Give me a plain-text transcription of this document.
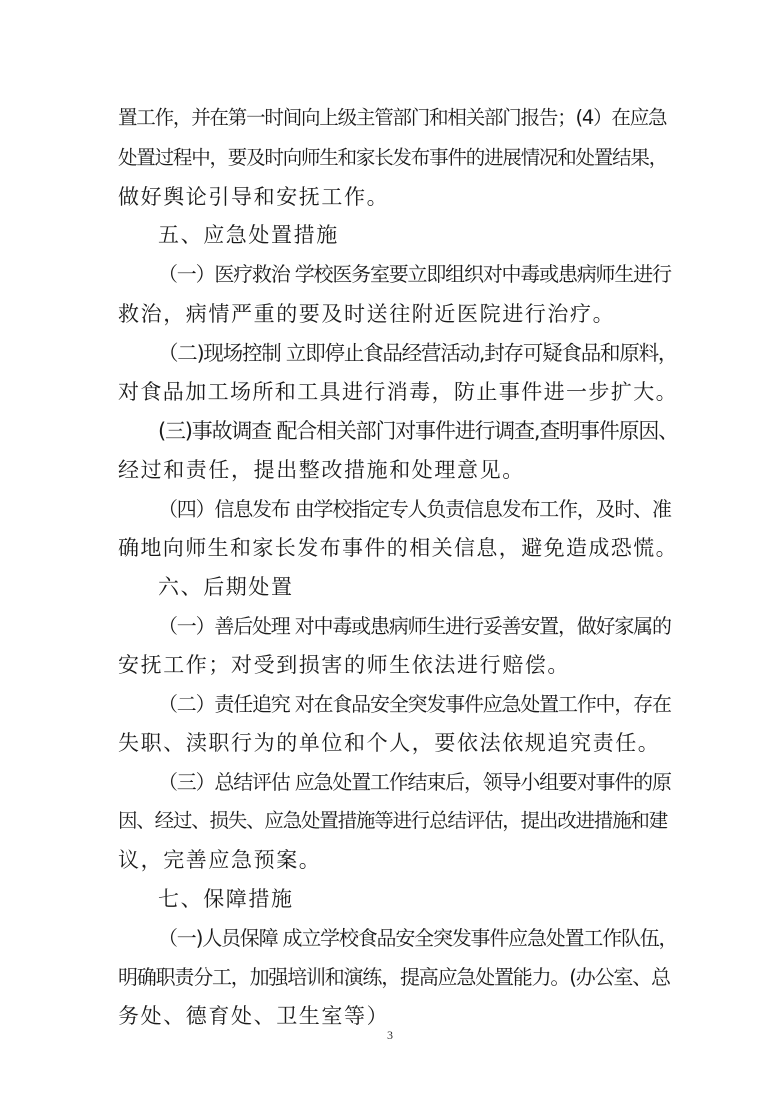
置工作，并在第一时间向上级主管部门和相关部门报告；(4）在应急
处置过程中，要及时向师生和家长发布事件的进展情况和处置结果，
做好舆论引导和安抚工作。
五、应急处置措施
（一）医疗救治 学校医务室要立即组织对中毒或患病师生进行
救治，病情严重的要及时送往附近医院进行治疗。
（二)现场控制 立即停止食品经营活动,封存可疑食品和原料，
对食品加工场所和工具进行消毒，防止事件进一步扩大。
(三)事故调查 配合相关部门对事件进行调查,查明事件原因、
经过和责任，提出整改措施和处理意见。
（四）信息发布 由学校指定专人负责信息发布工作，及时、准
确地向师生和家长发布事件的相关信息，避免造成恐慌。
六、后期处置
（一）善后处理 对中毒或患病师生进行妥善安置，做好家属的
安抚工作；对受到损害的师生依法进行赔偿。
（二）责任追究 对在食品安全突发事件应急处置工作中，存在
失职、渎职行为的单位和个人，要依法依规追究责任。
（三）总结评估 应急处置工作结束后，领导小组要对事件的原
因、经过、损失、应急处置措施等进行总结评估，提出改进措施和建
议，完善应急预案。
七、保障措施
（一)人员保障 成立学校食品安全突发事件应急处置工作队伍，
明确职责分工，加强培训和演练，提高应急处置能力。(办公室、总
务处、德育处、卫生室等）
3
